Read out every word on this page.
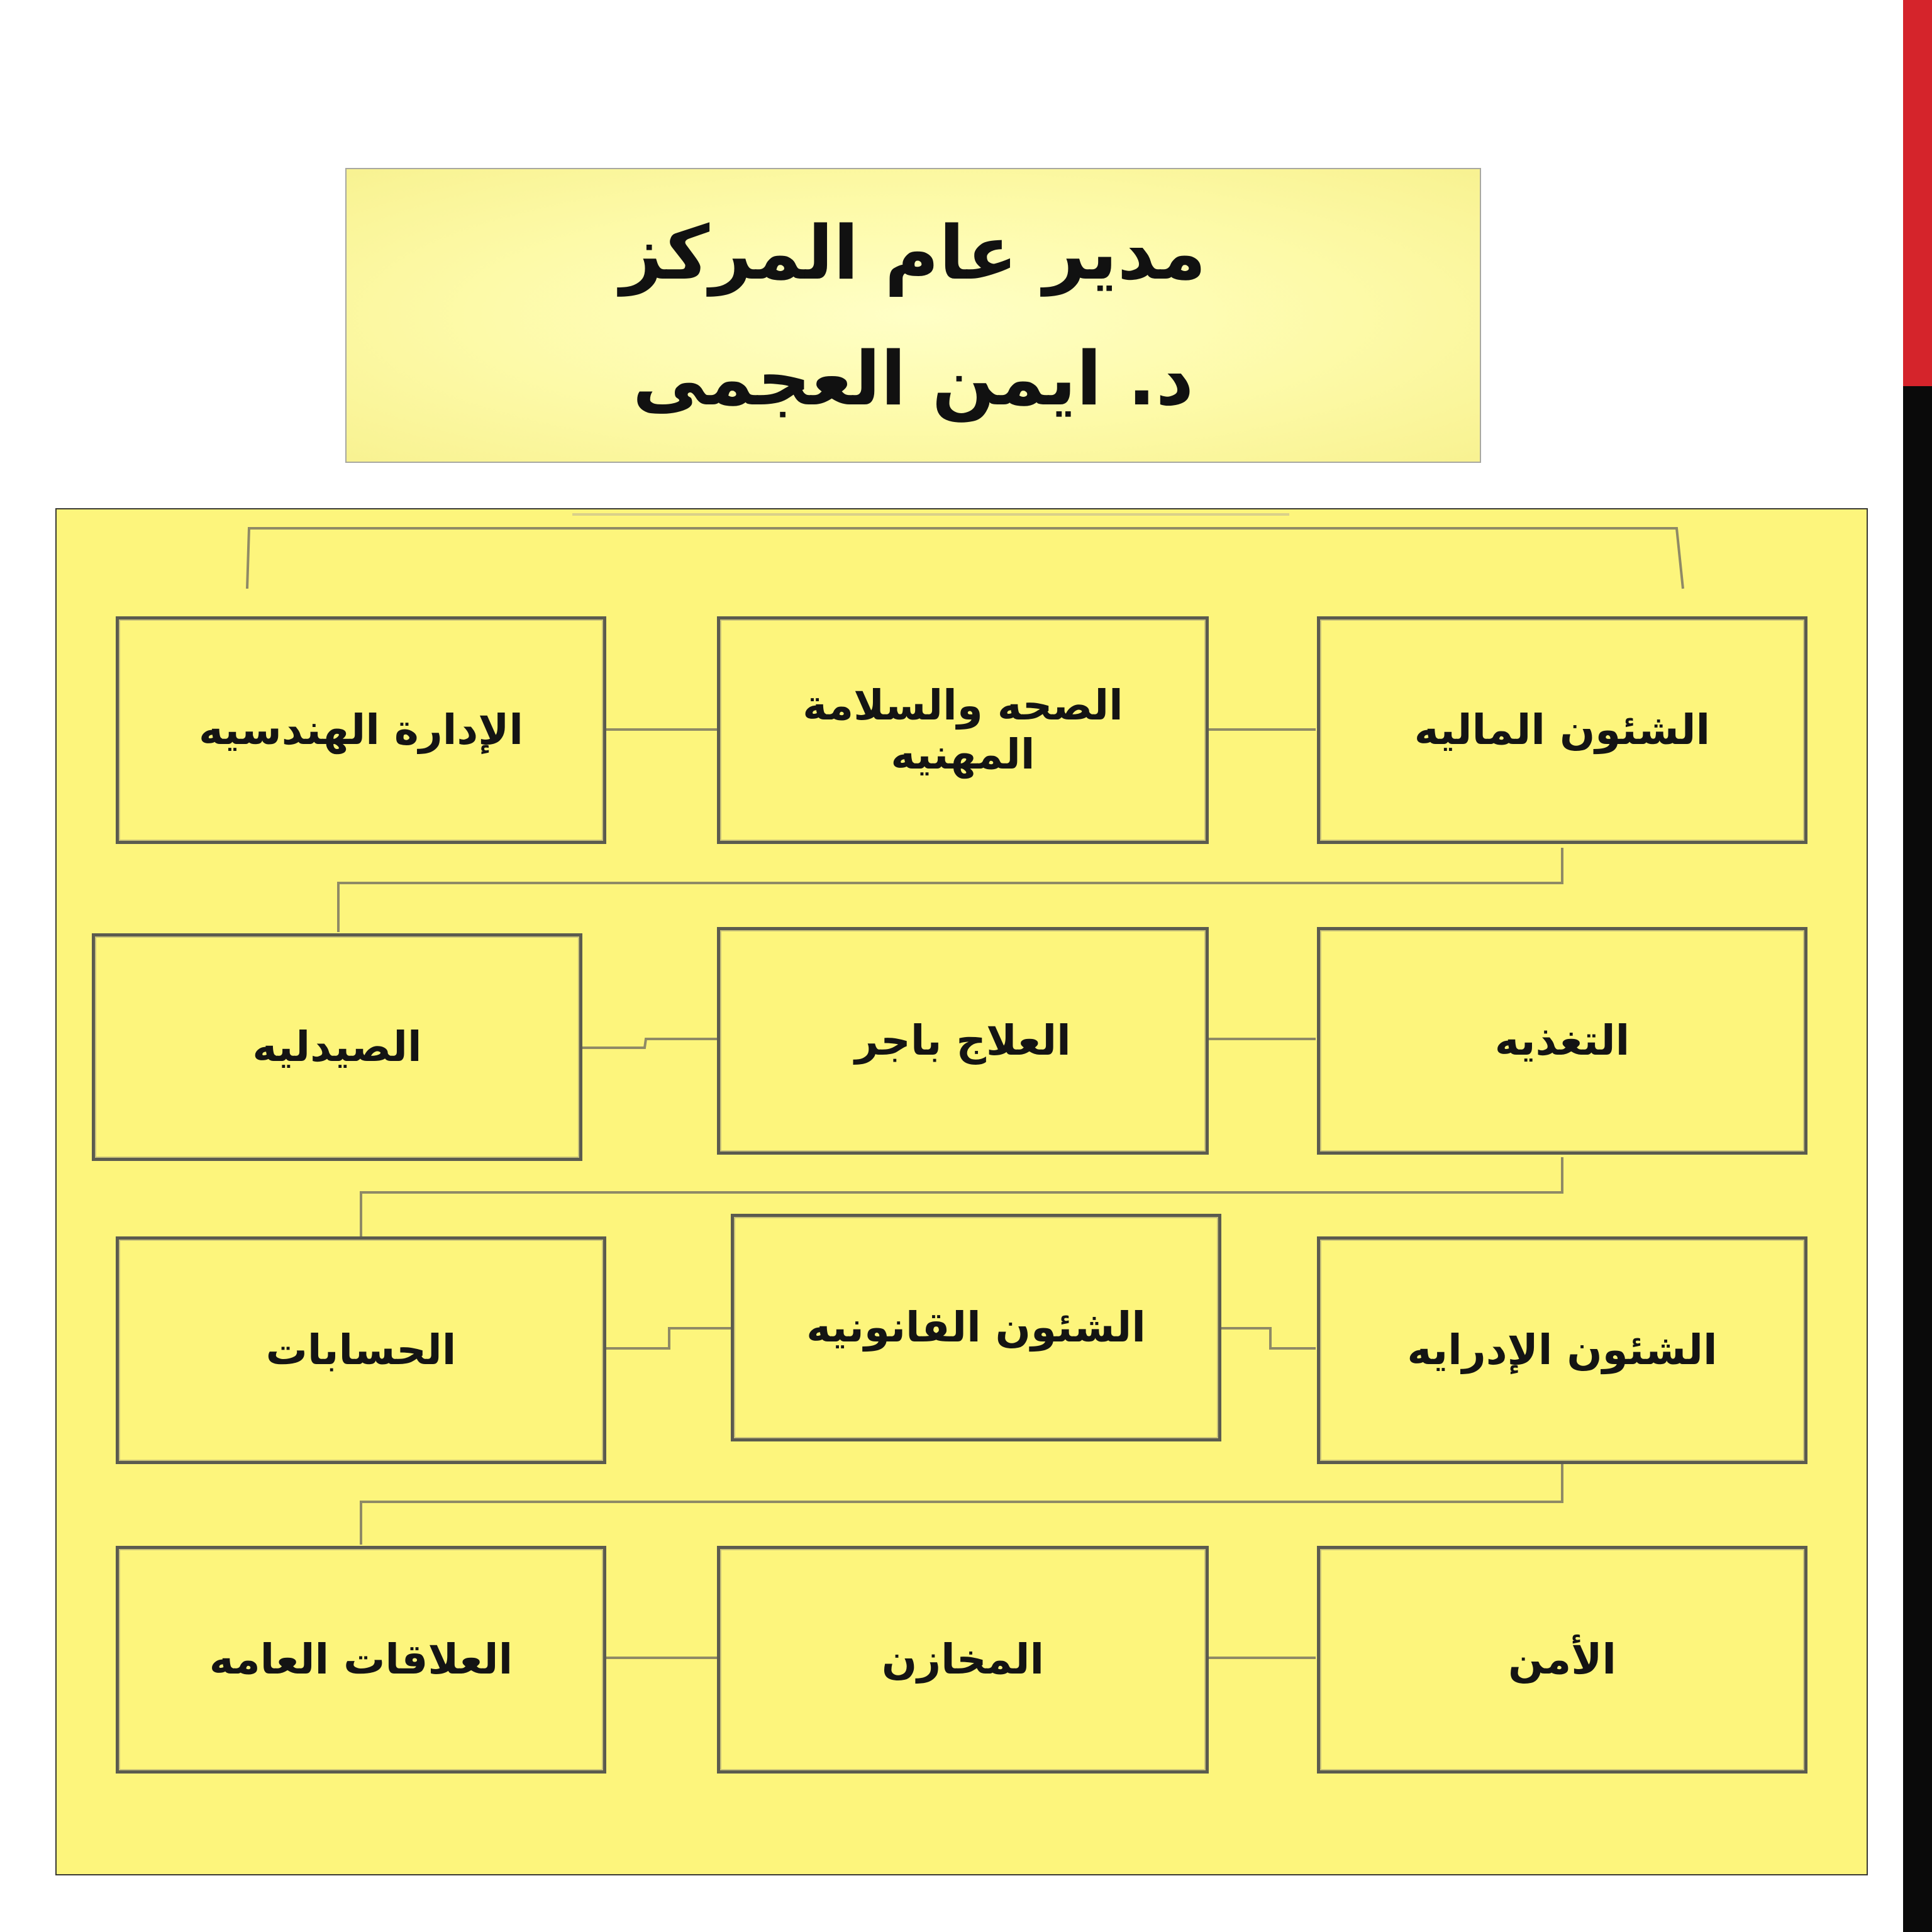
مدير عام المركز
د. ايمن العجمى
الشئون الماليه
الصحه والسلامة المهنيه
الإدارة الهندسيه
التغذيه
العلاج باجر
الصيدليه
الشئون الإدرايه
الشئون القانونيه
الحسابات
الأمن
المخازن
العلاقات العامه
